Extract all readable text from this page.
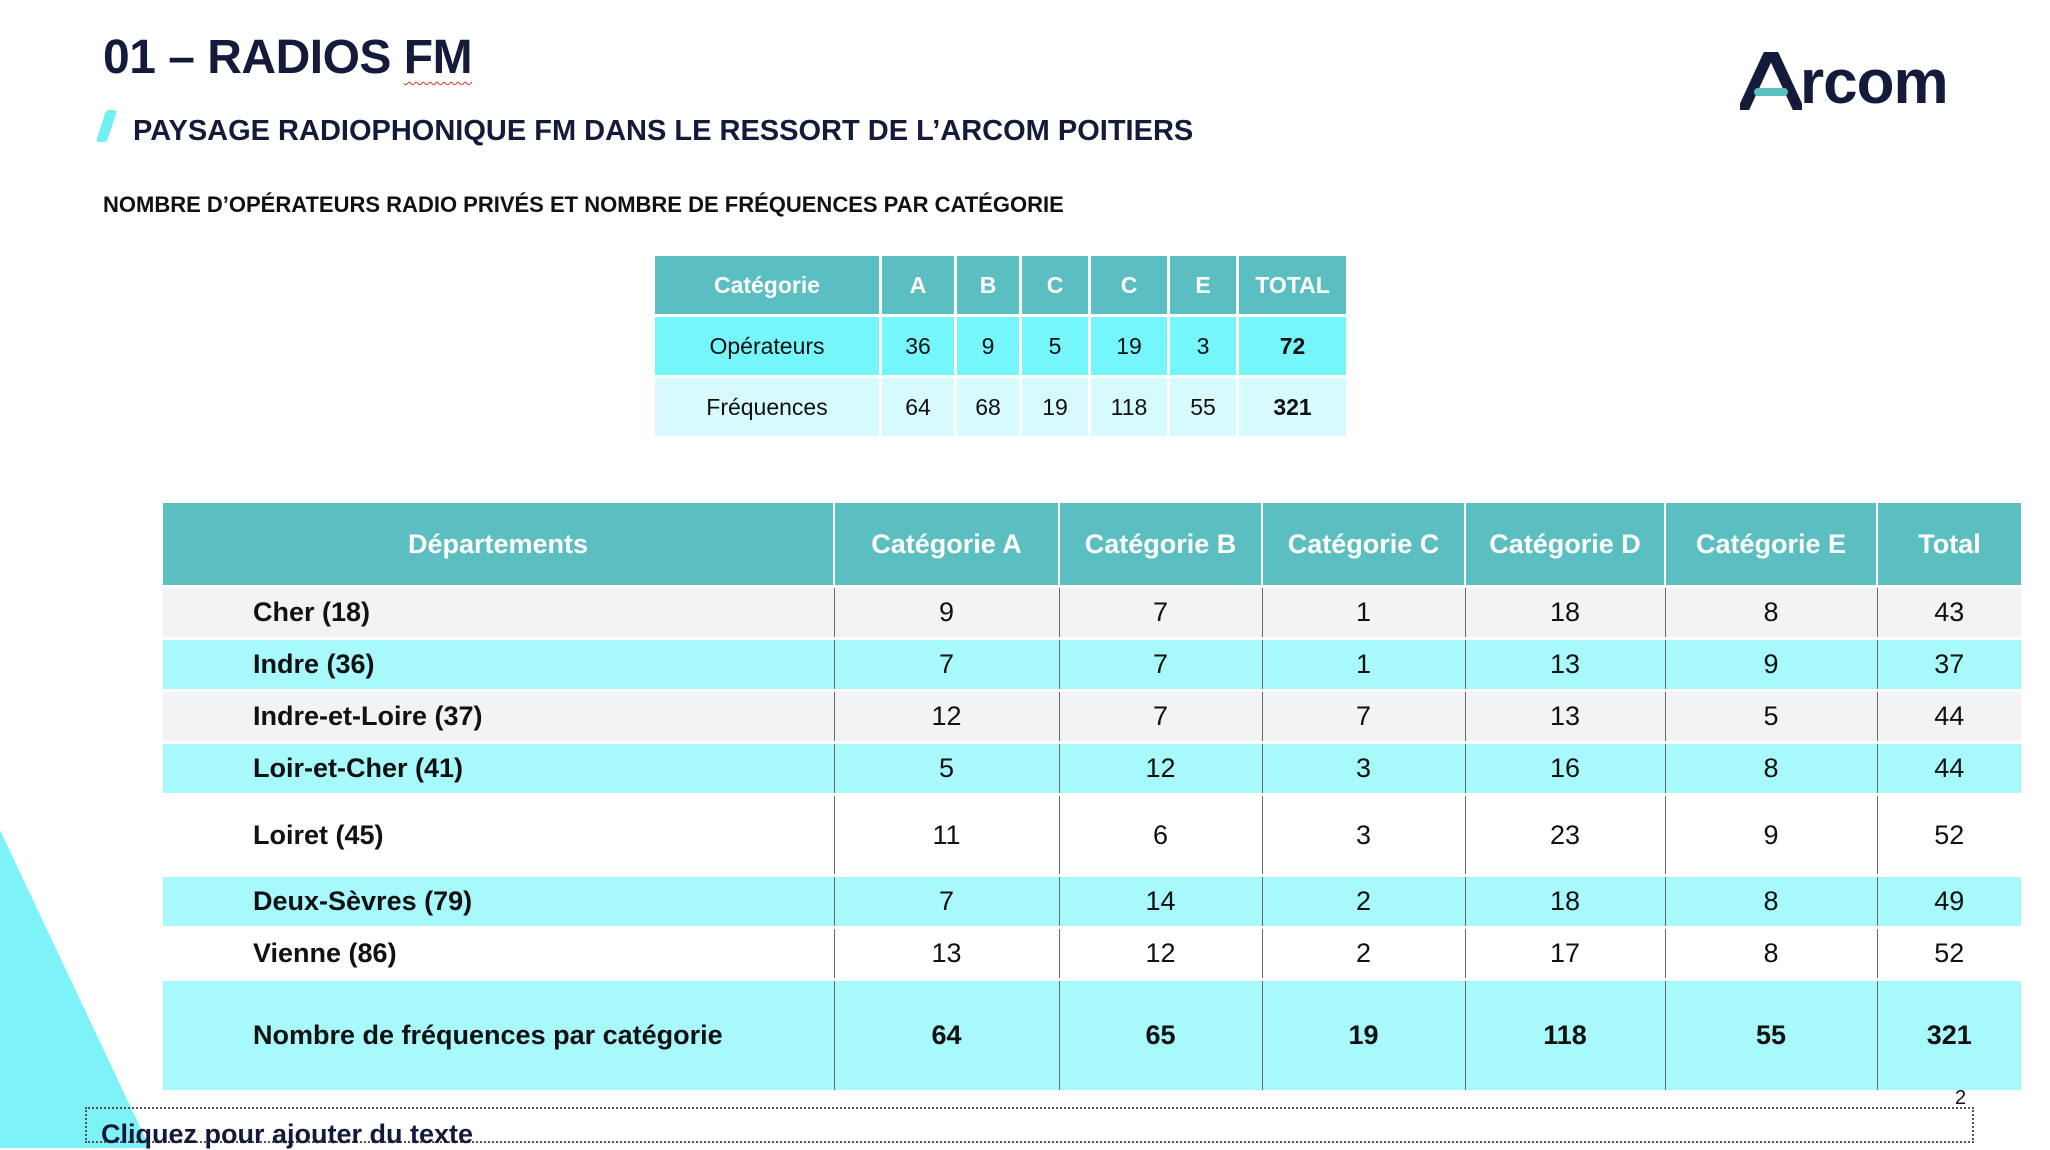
01 – RADIOS FM
PAYSAGE RADIOPHONIQUE FM DANS LE RESSORT DE L’ARCOM POITIERS
rcom
NOMBRE D’OPÉRATEURS RADIO PRIVÉS ET NOMBRE DE FRÉQUENCES PAR CATÉGORIE
Catégorie	A	B	C	C	E	TOTAL
Opérateurs	36	9	5	19	3	72
Fréquences	64	68	19	118	55	321
Départements	Catégorie A	Catégorie B	Catégorie C	Catégorie D	Catégorie E	Total
Cher (18)	9	7	1	18	8	43
Indre (36)	7	7	1	13	9	37
Indre-et-Loire (37)	12	7	7	13	5	44
Loir-et-Cher (41)	5	12	3	16	8	44
Loiret (45)	11	6	3	23	9	52
Deux-Sèvres (79)	7	14	2	18	8	49
Vienne (86)	13	12	2	17	8	52
Nombre de fréquences par catégorie	64	65	19	118	55	321
2
Cliquez pour ajouter du texte
